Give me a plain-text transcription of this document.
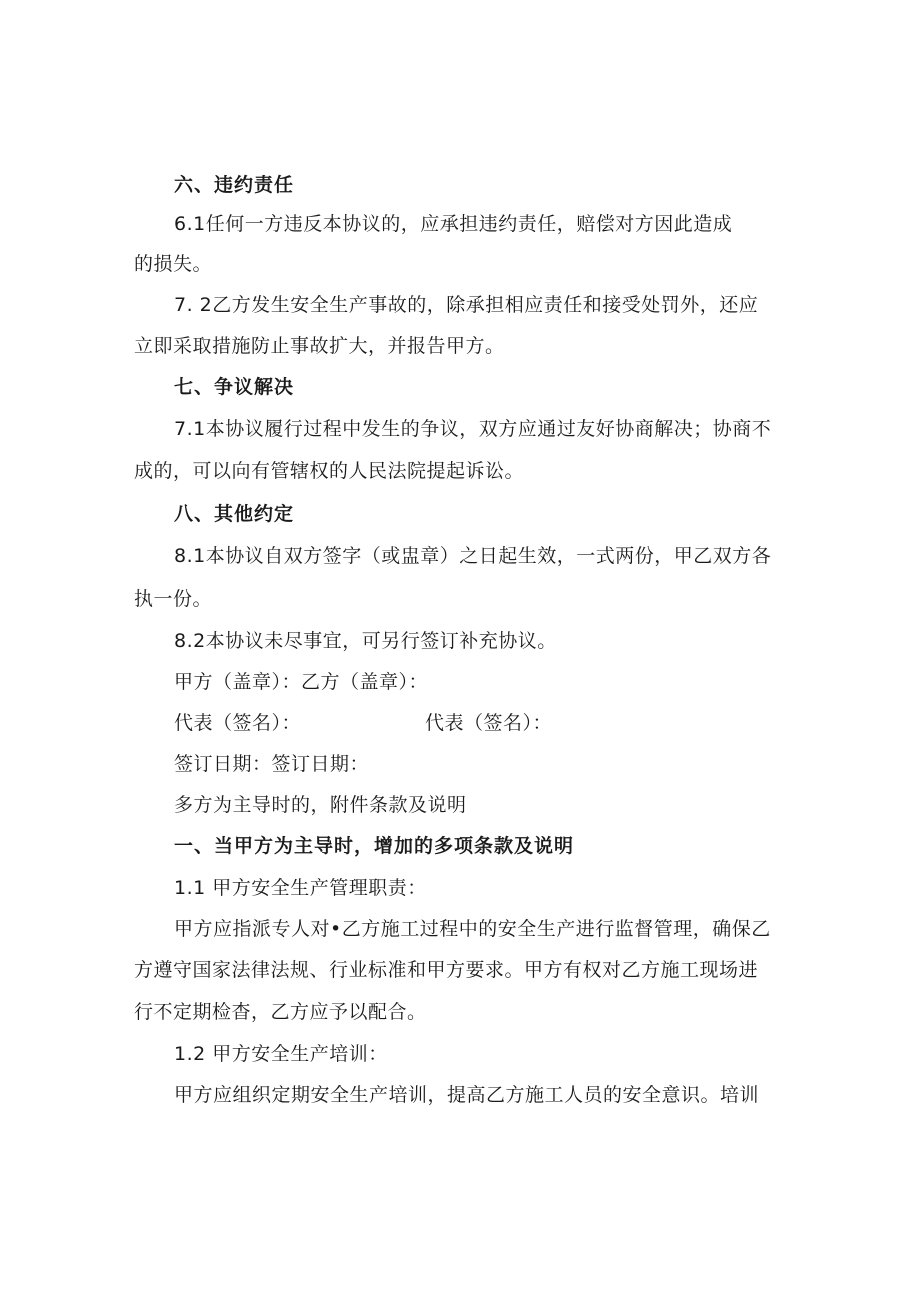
六、违约责任
6.1任何一方违反本协议的，应承担违约责任，赔偿对方因此造成
的损失。
7. 2乙方发生安全生产事故的，除承担相应责任和接受处罚外，还应
立即采取措施防止事故扩大，并报告甲方。
七、争议解决
7.1本协议履行过程中发生的争议，双方应通过友好协商解决；协商不
成的，可以向有管辖权的人民法院提起诉讼。
八、其他约定
8.1本协议自双方签字（或盅章）之日起生效，一式两份，甲乙双方各
执一份。
8.2本协议未尽事宜，可另行签订补充协议。
甲方（盖章）：乙方（盖章）：
代表（签名）：	代表（签名）：
签订日期：签订日期：
多方为主导时的，附件条款及说明
一、当甲方为主导时，增加的多项条款及说明
1.1 甲方安全生产管理职责：
甲方应指派专人对•乙方施工过程中的安全生产进行监督管理，确保乙
方遵守国家法律法规、行业标准和甲方要求。甲方有权对乙方施工现场进
行不定期检杳，乙方应予以配合。
1.2 甲方安全生产培训：
甲方应组织定期安全生产培训，提高乙方施工人员的安全意识。培训
